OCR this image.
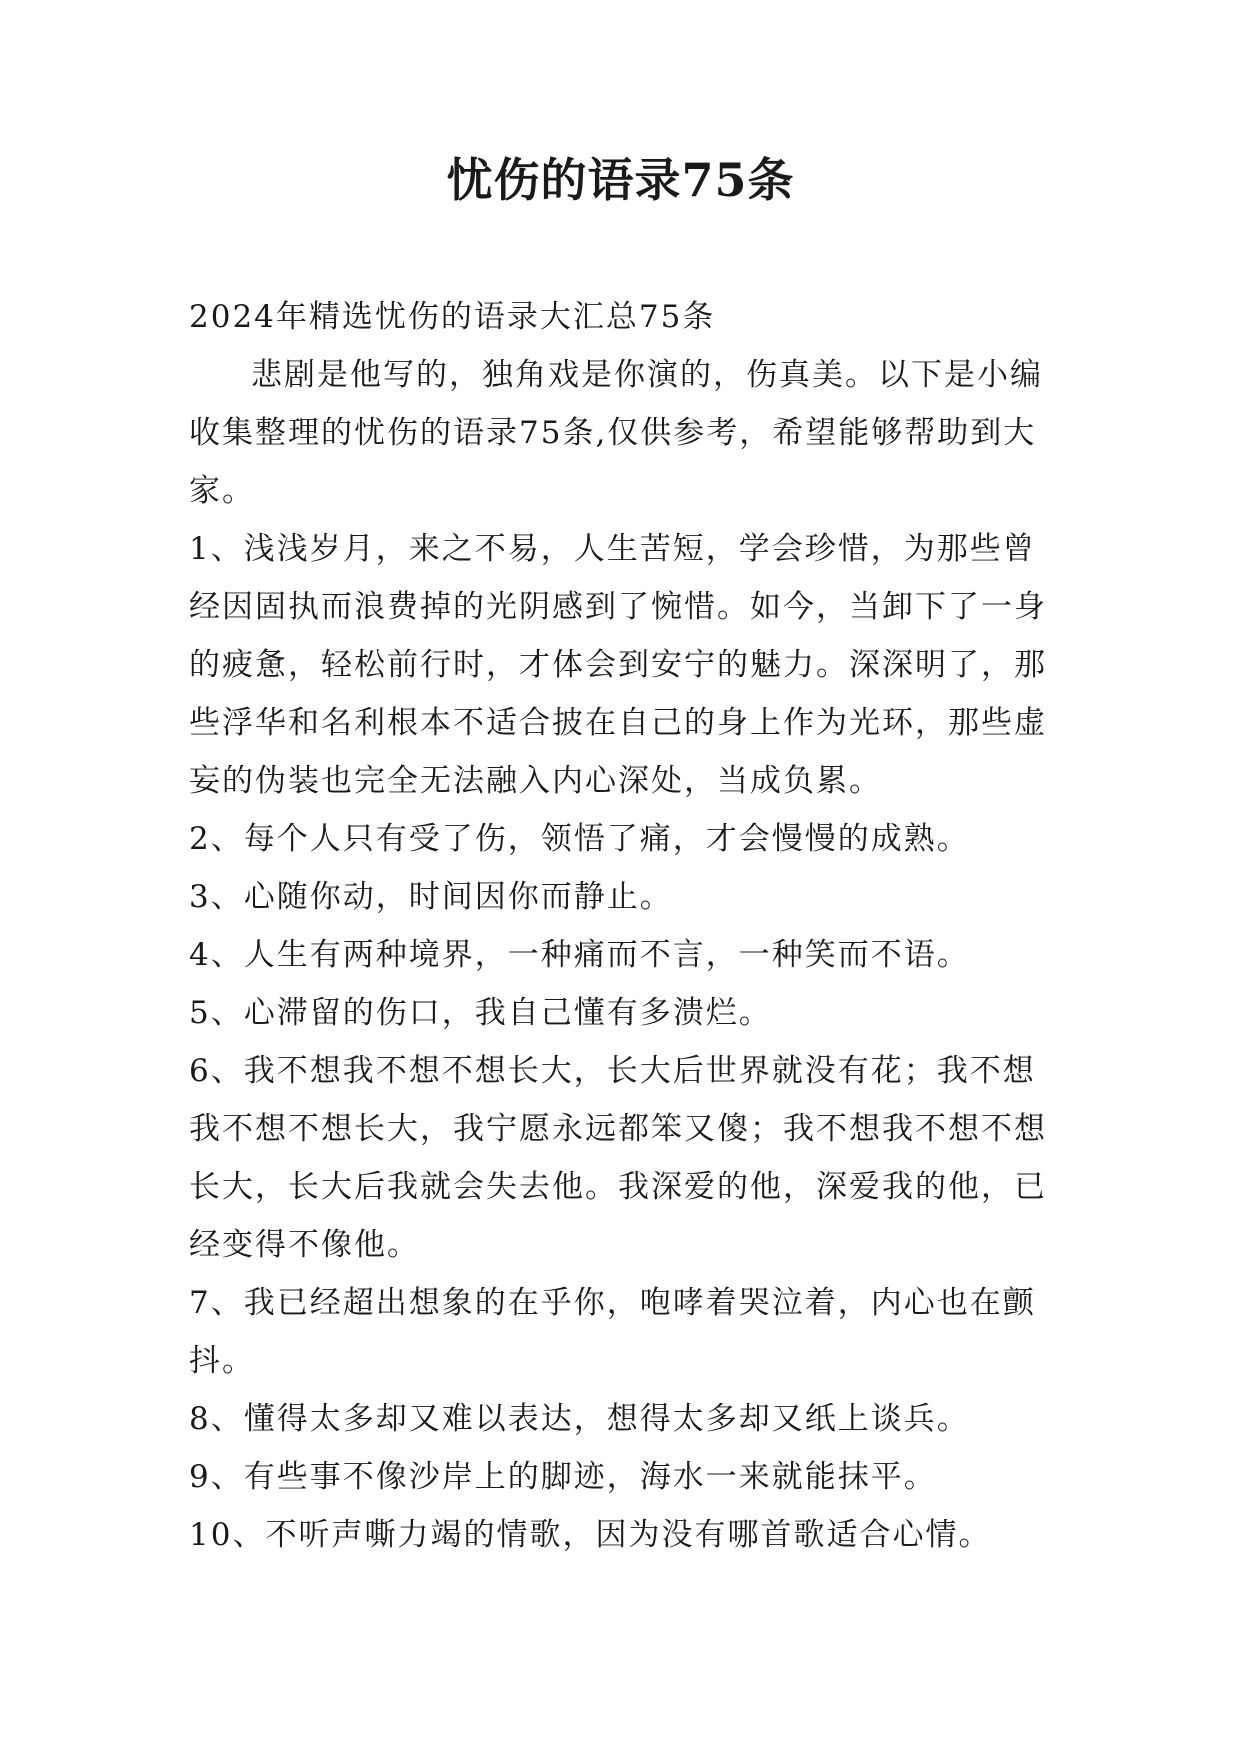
忧伤的语录75条

2024年精选忧伤的语录大汇总75条

悲剧是他写的，独角戏是你演的，伤真美。以下是小编收集整理的忧伤的语录75条,仅供参考，希望能够帮助到大家。

1、浅浅岁月，来之不易，人生苦短，学会珍惜，为那些曾经因固执而浪费掉的光阴感到了惋惜。如今，当卸下了一身的疲惫，轻松前行时，才体会到安宁的魅力。深深明了，那些浮华和名利根本不适合披在自己的身上作为光环，那些虚妄的伪装也完全无法融入内心深处，当成负累。

2、每个人只有受了伤，领悟了痛，才会慢慢的成熟。

3、心随你动，时间因你而静止。

4、人生有两种境界，一种痛而不言，一种笑而不语。

5、心滞留的伤口，我自己懂有多溃烂。

6、我不想我不想不想长大，长大后世界就没有花；我不想我不想不想长大，我宁愿永远都笨又傻；我不想我不想不想长大，长大后我就会失去他。我深爱的他，深爱我的他，已经变得不像他。

7、我已经超出想象的在乎你，咆哮着哭泣着，内心也在颤抖。

8、懂得太多却又难以表达，想得太多却又纸上谈兵。

9、有些事不像沙岸上的脚迹，海水一来就能抹平。

10、不听声嘶力竭的情歌，因为没有哪首歌适合心情。
